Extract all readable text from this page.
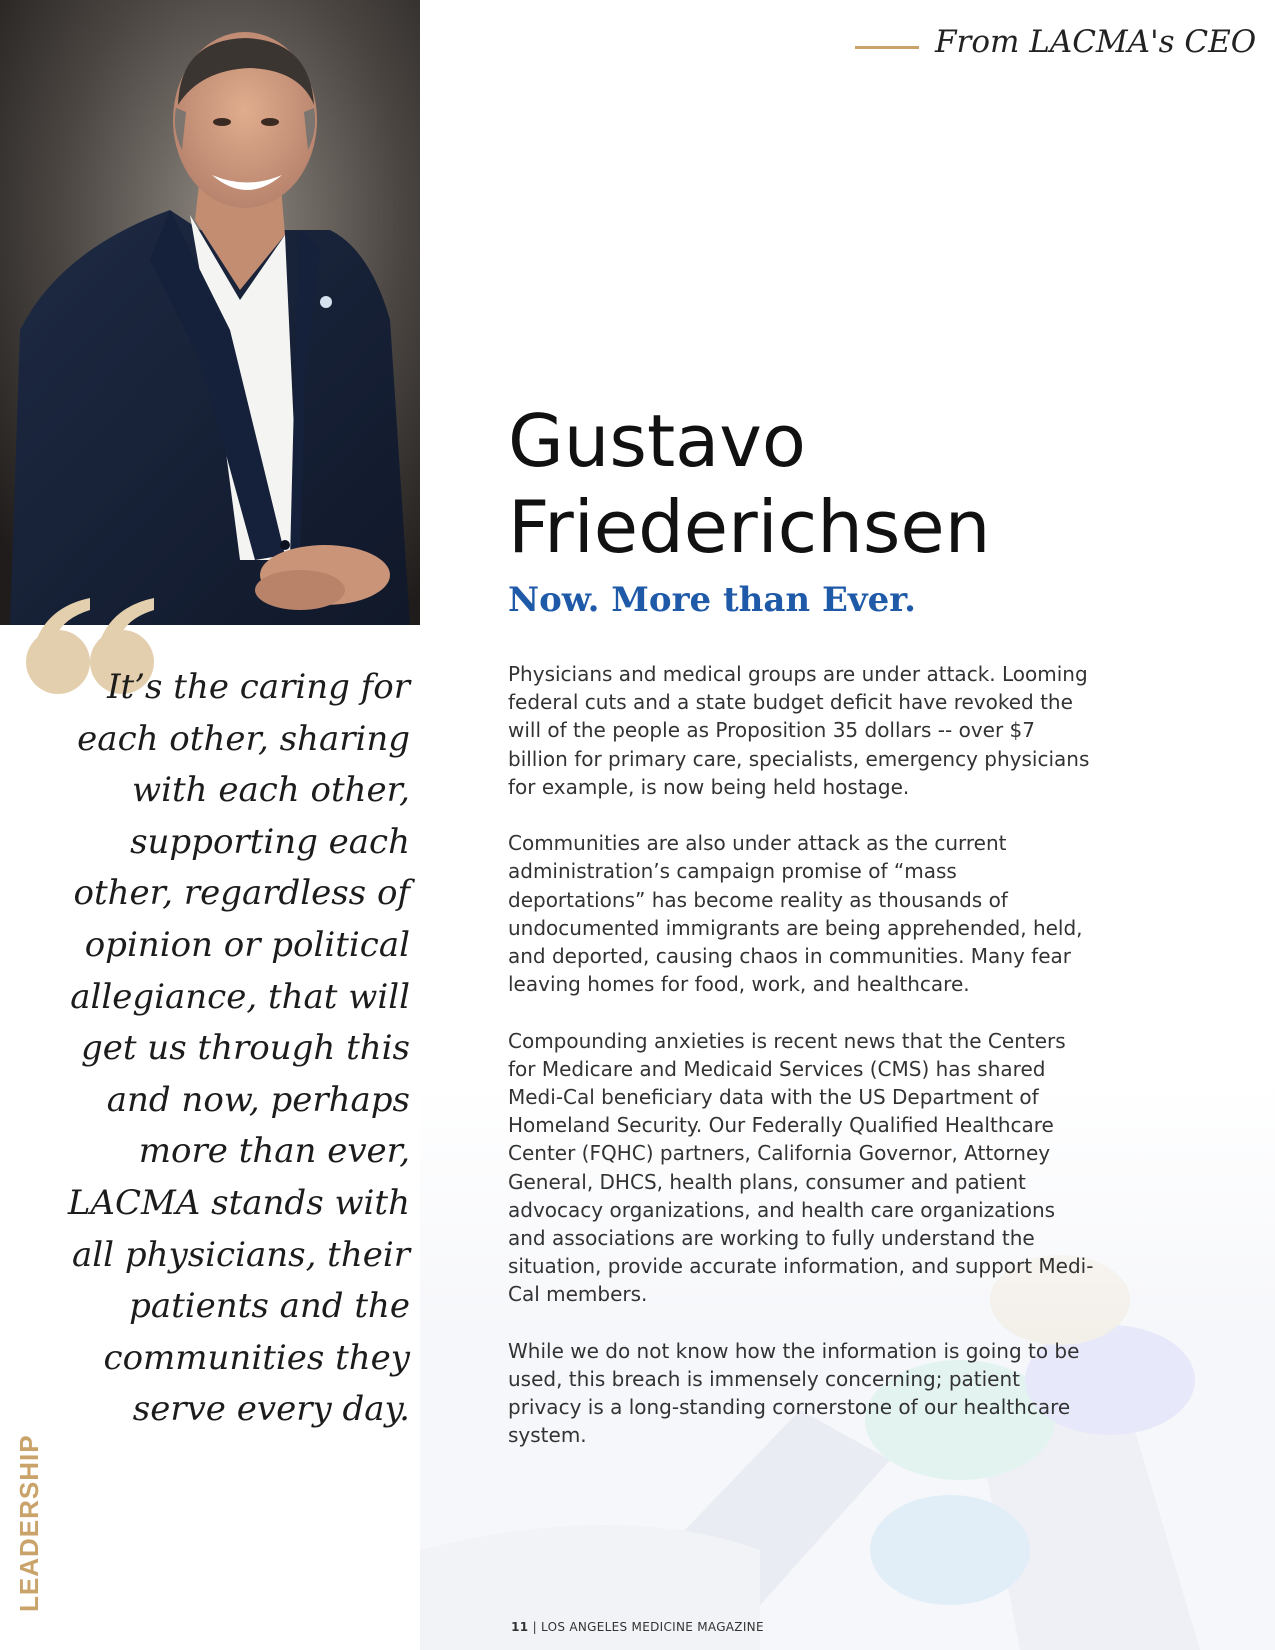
From LACMA's CEO

It’s the caring for each other, sharing with each other, supporting each other, regardless of opinion or political allegiance, that will get us through this and now, perhaps more than ever, LACMA stands with all physicians, their patients and the communities they serve every day.

LEADERSHIP
Gustavo Friederichsen
Now. More than Ever.

Physicians and medical groups are under attack. Looming federal cuts and a state budget deficit have revoked the will of the people as Proposition 35 dollars -- over $7 billion for primary care, specialists, emergency physicians for example, is now being held hostage.

Communities are also under attack as the current administration’s campaign promise of “mass deportations” has become reality as thousands of undocumented immigrants are being apprehended, held, and deported, causing chaos in communities. Many fear leaving homes for food, work, and healthcare.

Compounding anxieties is recent news that the Centers for Medicare and Medicaid Services (CMS) has shared Medi-Cal beneficiary data with the US Department of Homeland Security. Our Federally Qualified Healthcare Center (FQHC) partners, California Governor, Attorney General, DHCS, health plans, consumer and patient advocacy organizations, and health care organizations and associations are working to fully understand the situation, provide accurate information, and support Medi-Cal members.

While we do not know how the information is going to be used, this breach is immensely concerning; patient privacy is a long-standing cornerstone of our healthcare system.

11 | LOS ANGELES MEDICINE MAGAZINE
